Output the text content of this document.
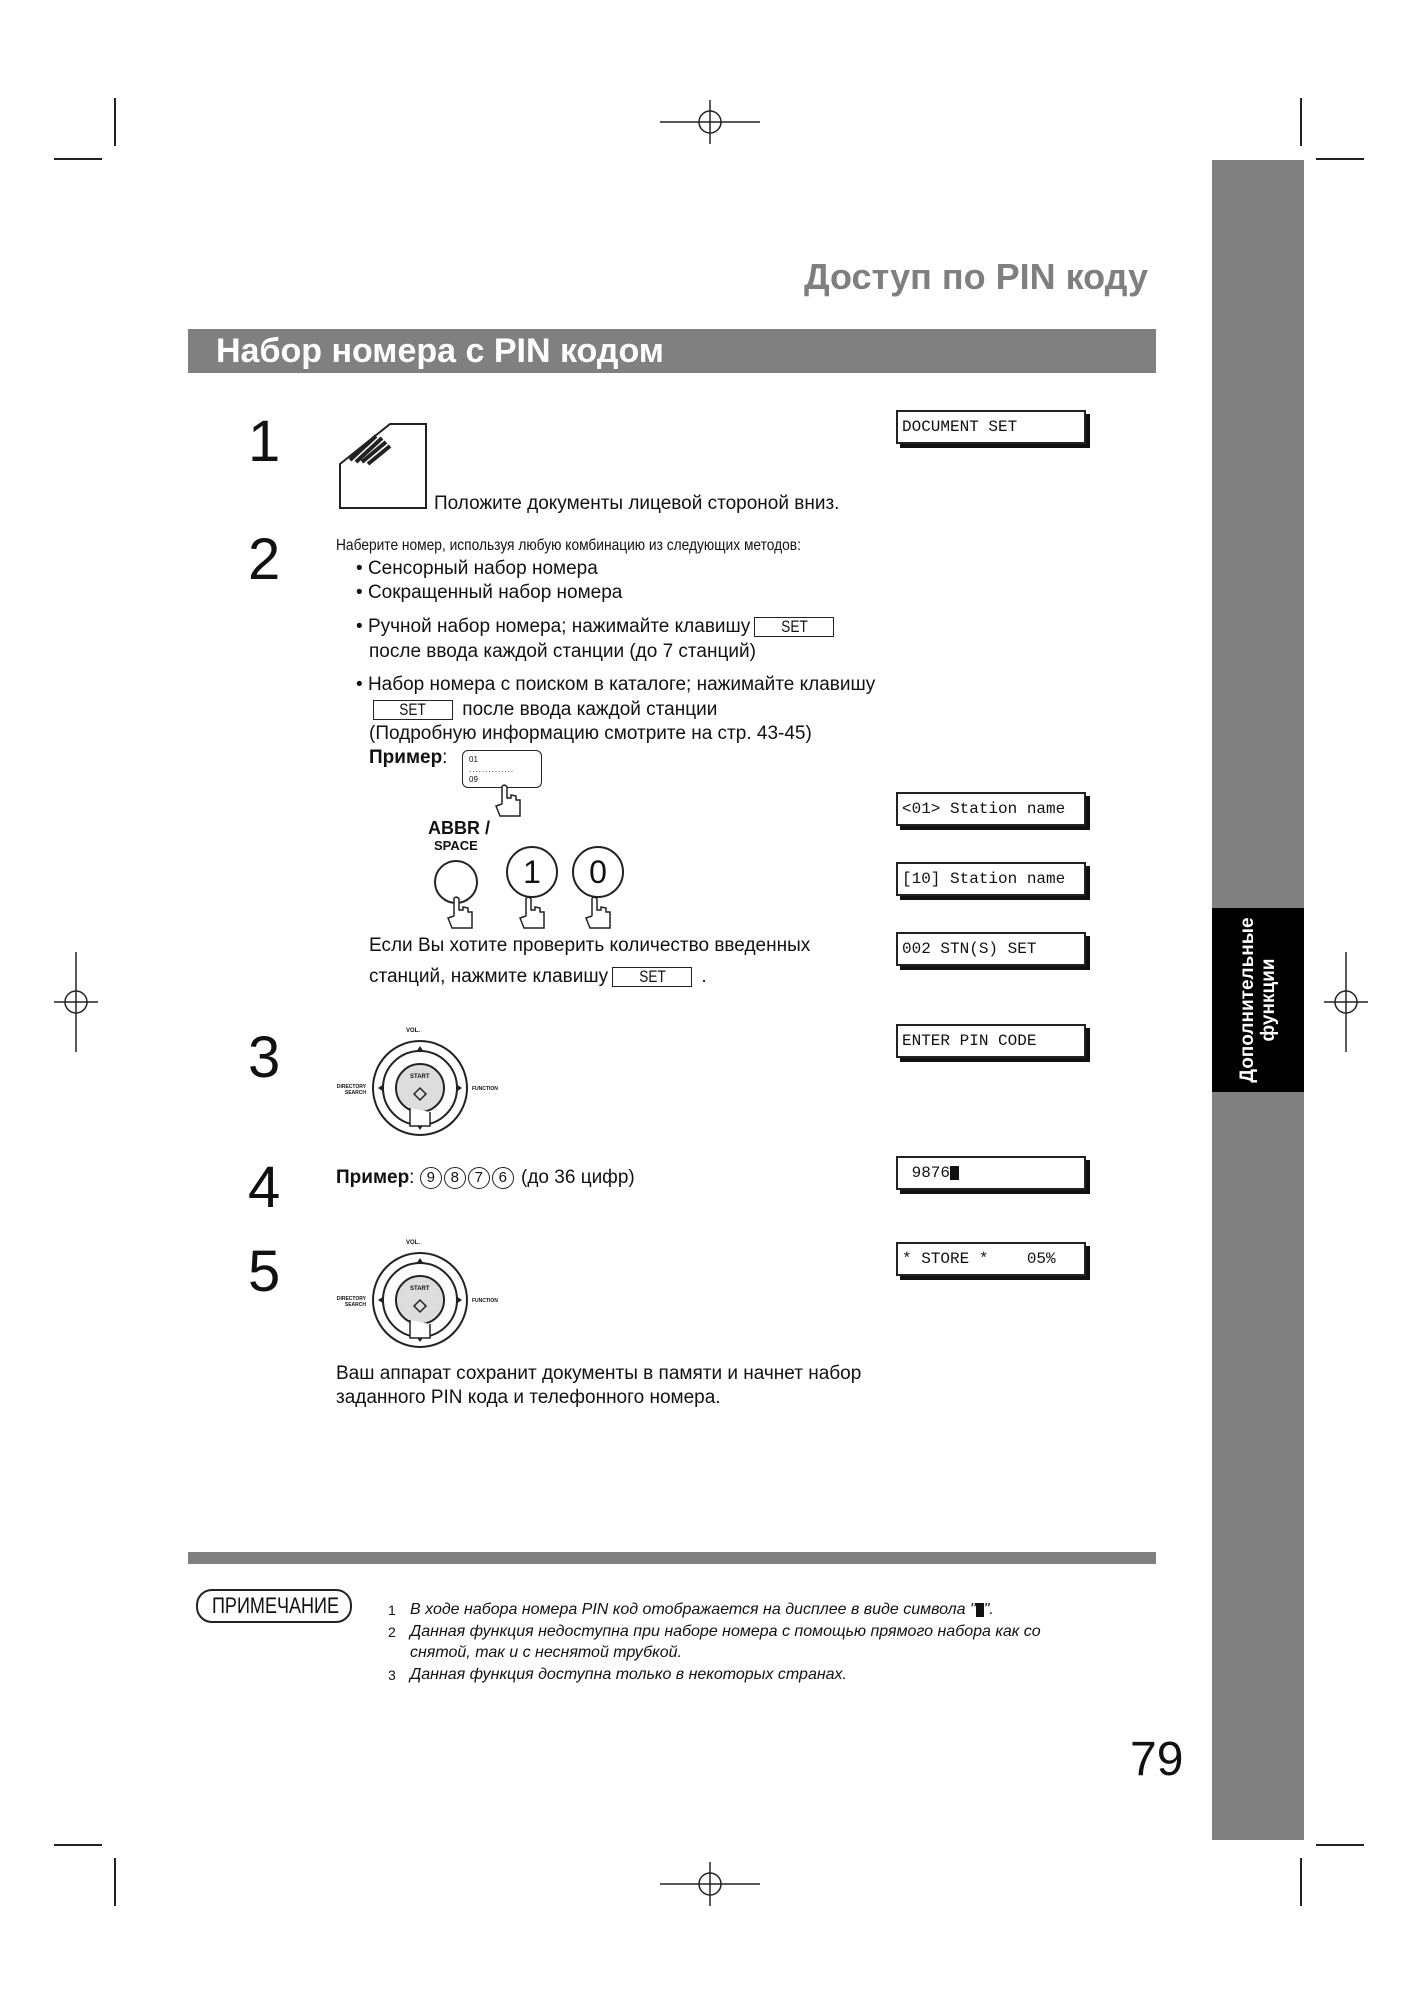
Дополнительные функции
Доступ по PIN коду
Набор номера с PIN кодом
1
Положите документы лицевой стороной вниз.
DOCUMENT SET
2	Наберите номер, используя любую комбинацию из следующих методов:
• Сенсорный набор номера
• Сокращенный набор номера
• Ручной набор номера; нажимайте клавишу SET
после ввода каждой станции (до 7 станций)
• Набор номера с поиском в каталоге; нажимайте клавишу
SET после ввода каждой станции
(Подробную информацию смотрите на стр. 43-45)
Пример:	01
..............
09
ABBR /
SPACE
1	0
Если Вы хотите проверить количество введенных
станций, нажмите клавишу SET .
<01> Station name
[10] Station name
002 STN(S) SET
3	VOL.
DIRECTORY
SEARCH
FUNCTION
START
ENTER PIN CODE
4	Пример: 9 8 7 6 (до 36 цифр)	9876
5	VOL.
DIRECTORY
SEARCH
FUNCTION
START
* STORE *    05%
Ваш аппарат сохранит документы в памяти и начнет набор
заданного PIN кода и телефонного номера.
ПРИМЕЧАНИЕ	1 В ходе набора номера PIN код отображается на дисплее в виде символа " ".
2 Данная функция недоступна при наборе номера с помощью прямого набора как со
снятой, так и с неснятой трубкой.
3 Данная функция доступна только в некоторых странах.
79
